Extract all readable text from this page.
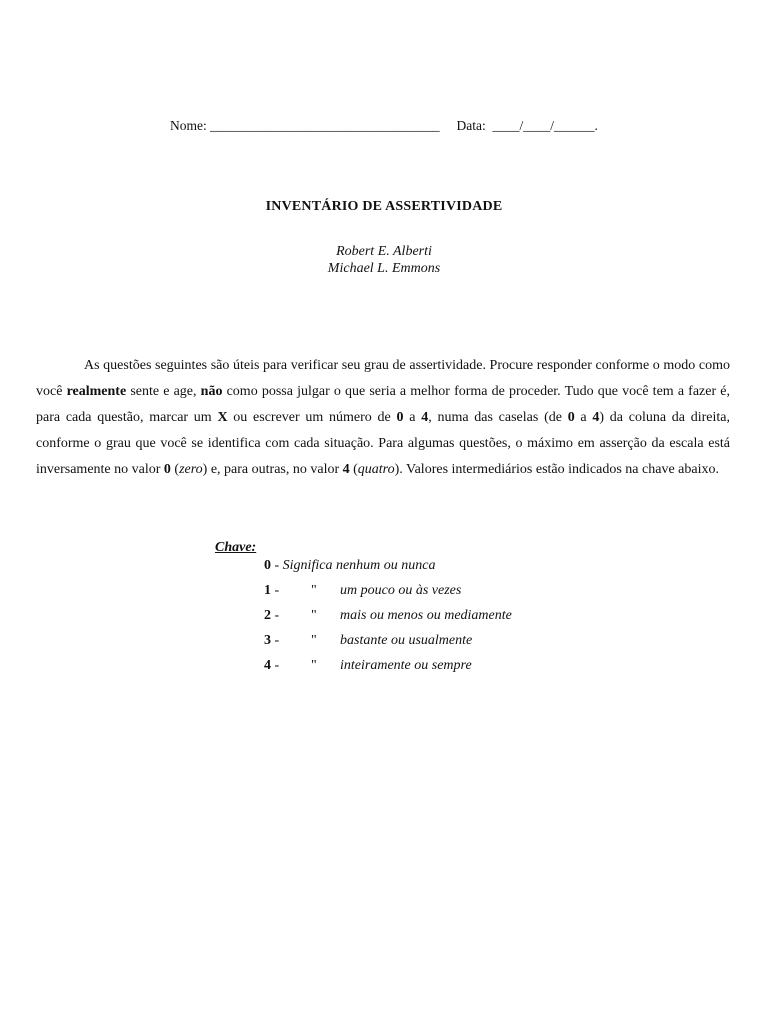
Nome: __________________________________ Data: ____/____/______.
INVENTÁRIO DE ASSERTIVIDADE
Robert E. Alberti
Michael L. Emmons
As questões seguintes são úteis para verificar seu grau de assertividade. Procure responder conforme o modo como você realmente sente e age, não como possa julgar o que seria a melhor forma de proceder. Tudo que você tem a fazer é, para cada questão, marcar um X ou escrever um número de 0 a 4, numa das caselas (de 0 a 4) da coluna da direita, conforme o grau que você se identifica com cada situação. Para algumas questões, o máximo em asserção da escala está inversamente no valor 0 (zero) e, para outras, no valor 4 (quatro). Valores intermediários estão indicados na chave abaixo.
Chave:
0 - Significa nenhum ou nunca
1 - " um pouco ou às vezes
2 - " mais ou menos ou mediamente
3 - " bastante ou usualmente
4 - " inteiramente ou sempre
